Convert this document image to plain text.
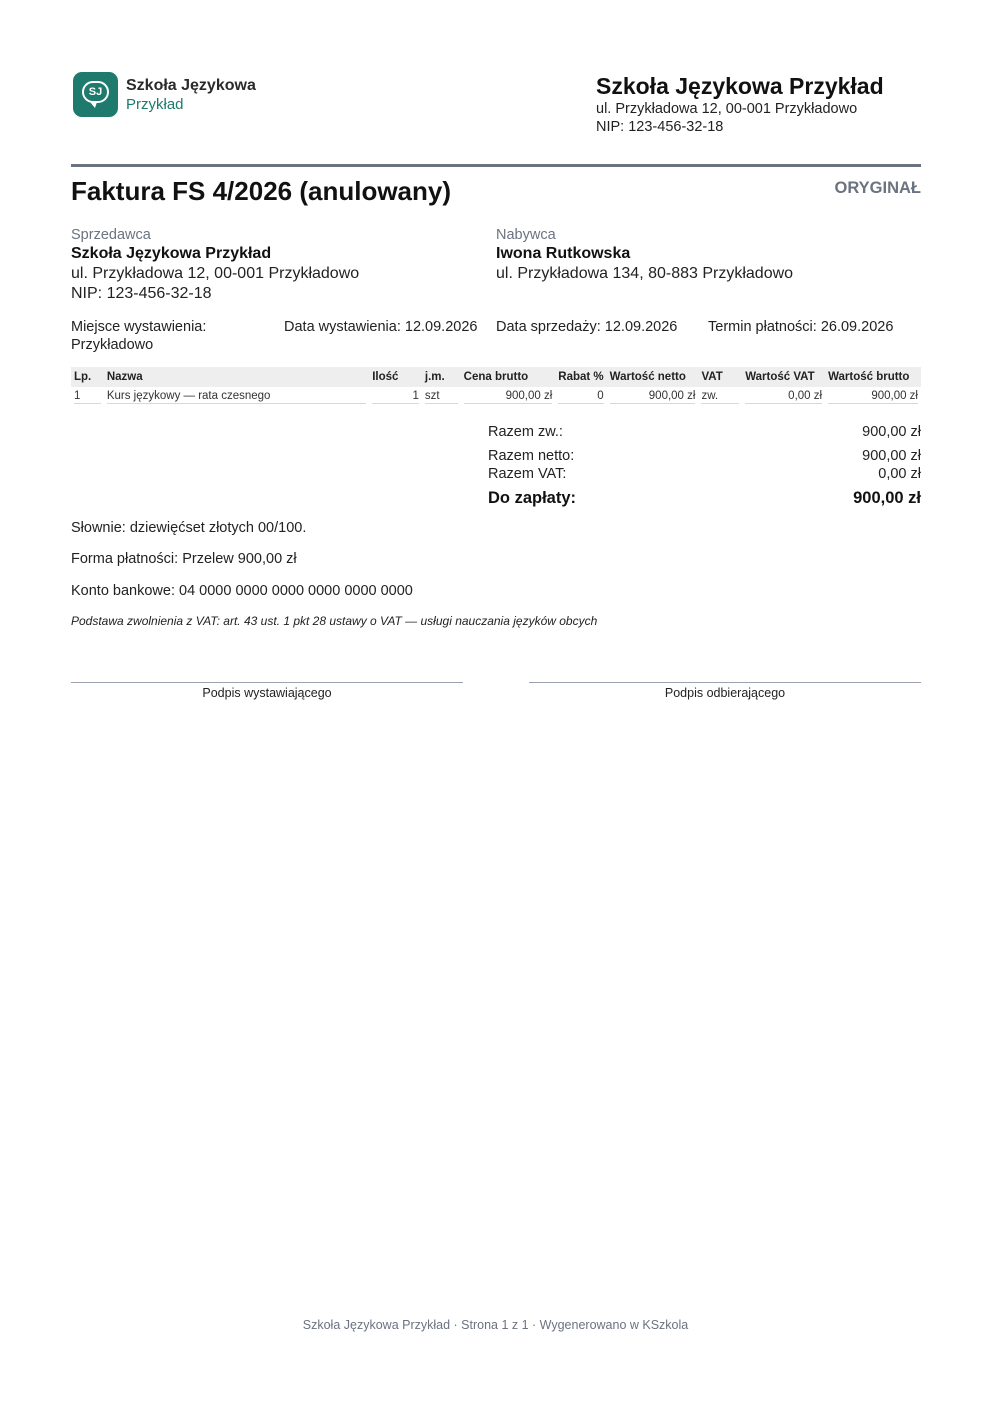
SJ	Szkoła Językowa
Przykład
Szkoła Językowa Przykład
ul. Przykładowa 12, 00-001 Przykładowo
NIP: 123-456-32-18
Faktura FS 4/2026 (anulowany)	ORYGINAŁ
Sprzedawca
Szkoła Językowa Przykład
ul. Przykładowa 12, 00-001 Przykładowo
NIP: 123-456-32-18
Nabywca
Iwona Rutkowska
ul. Przykładowa 134, 80-883 Przykładowo
Miejsce wystawienia: Przykładowo
Data wystawienia: 12.09.2026 Data sprzedaży: 12.09.2026 Termin płatności: 26.09.2026
Lp.	Nazwa	Ilość	j.m.	Cena brutto	Rabat %	Wartość netto	VAT	Wartość VAT	Wartość brutto

1	Kurs językowy — rata czesnego	1	szt	900,00 zł	0	900,00 zł	zw.	0,00 zł	900,00 zł
Razem zw.:	900,00 zł
Razem netto:	900,00 zł
Razem VAT:	0,00 zł
Do zapłaty:	900,00 zł
Słownie: dziewięćset złotych 00/100.
Forma płatności: Przelew 900,00 zł
Konto bankowe: 04 0000 0000 0000 0000 0000 0000
Podstawa zwolnienia z VAT: art. 43 ust. 1 pkt 28 ustawy o VAT — usługi nauczania języków obcych
Podpis wystawiającego	Podpis odbierającego
Szkoła Językowa Przykład · Strona 1 z 1 · Wygenerowano w KSzkola
